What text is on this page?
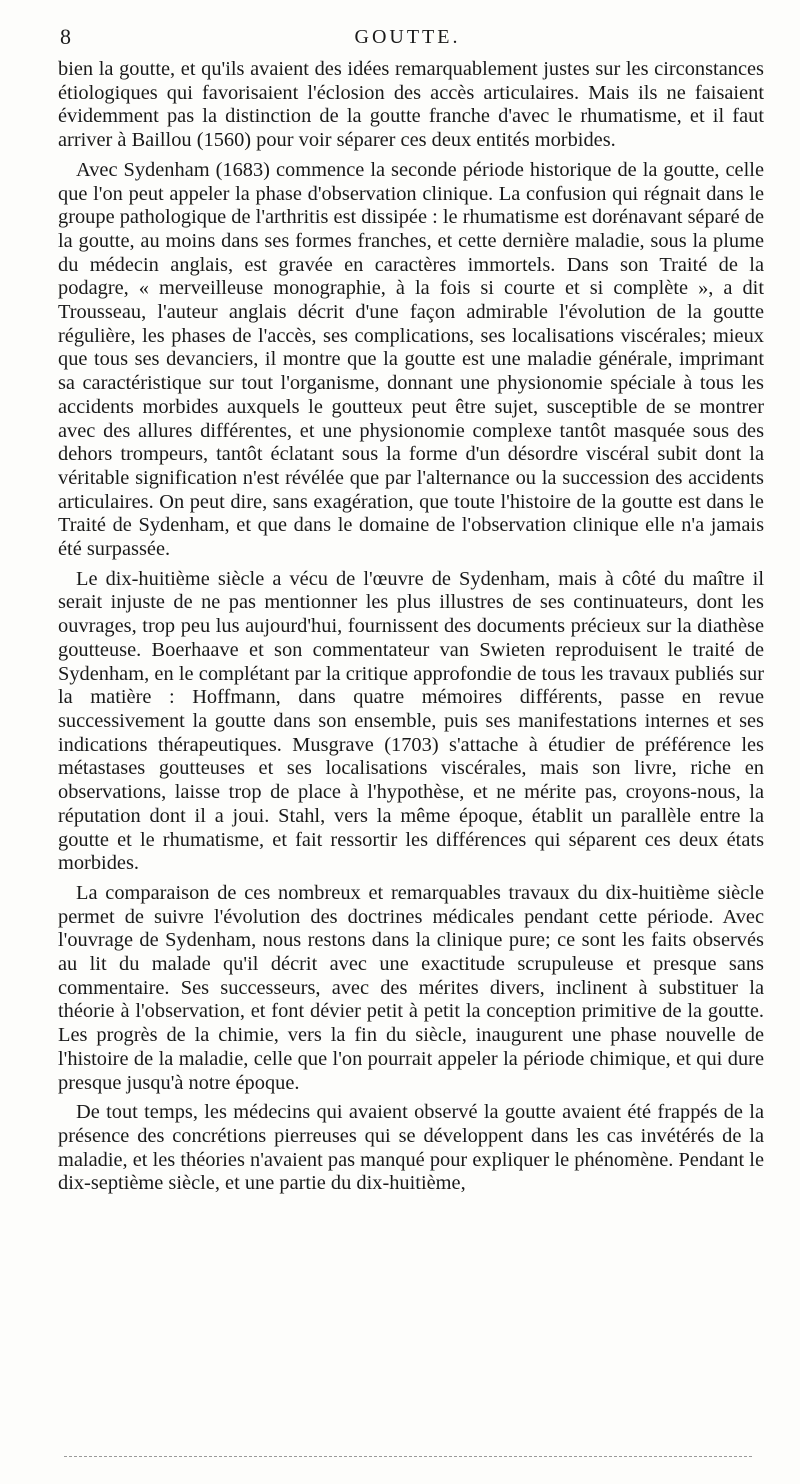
8	GOUTTE.

bien la goutte, et qu'ils avaient des idées remarquablement justes sur les circonstances étiologiques qui favorisaient l'éclosion des accès articulaires. Mais ils ne faisaient évidemment pas la distinction de la goutte franche d'avec le rhumatisme, et il faut arriver à Baillou (1560) pour voir séparer ces deux entités morbides.

Avec Sydenham (1683) commence la seconde période historique de la goutte, celle que l'on peut appeler la phase d'observation clinique. La confusion qui régnait dans le groupe pathologique de l'arthritis est dissipée : le rhumatisme est dorénavant séparé de la goutte, au moins dans ses formes franches, et cette dernière maladie, sous la plume du médecin anglais, est gravée en caractères immortels. Dans son Traité de la podagre, « merveilleuse monographie, à la fois si courte et si complète », a dit Trousseau, l'auteur anglais décrit d'une façon admirable l'évolution de la goutte régulière, les phases de l'accès, ses complications, ses localisations viscérales; mieux que tous ses devanciers, il montre que la goutte est une maladie générale, imprimant sa caractéristique sur tout l'organisme, donnant une physionomie spéciale à tous les accidents morbides auxquels le goutteux peut être sujet, susceptible de se montrer avec des allures différentes, et une physionomie complexe tantôt masquée sous des dehors trompeurs, tantôt éclatant sous la forme d'un désordre viscéral subit dont la véritable signification n'est révélée que par l'alternance ou la succession des accidents articulaires. On peut dire, sans exagération, que toute l'histoire de la goutte est dans le Traité de Sydenham, et que dans le domaine de l'observation clinique elle n'a jamais été surpassée.

Le dix-huitième siècle a vécu de l'œuvre de Sydenham, mais à côté du maître il serait injuste de ne pas mentionner les plus illustres de ses continuateurs, dont les ouvrages, trop peu lus aujourd'hui, fournissent des documents précieux sur la diathèse goutteuse. Boerhaave et son commentateur van Swieten reproduisent le traité de Sydenham, en le complétant par la critique approfondie de tous les travaux publiés sur la matière : Hoffmann, dans quatre mémoires différents, passe en revue successivement la goutte dans son ensemble, puis ses manifestations internes et ses indications thérapeutiques. Musgrave (1703) s'attache à étudier de préférence les métastases goutteuses et ses localisations viscérales, mais son livre, riche en observations, laisse trop de place à l'hypothèse, et ne mérite pas, croyons-nous, la réputation dont il a joui. Stahl, vers la même époque, établit un parallèle entre la goutte et le rhumatisme, et fait ressortir les différences qui séparent ces deux états morbides.

La comparaison de ces nombreux et remarquables travaux du dix-huitième siècle permet de suivre l'évolution des doctrines médicales pendant cette période. Avec l'ouvrage de Sydenham, nous restons dans la clinique pure; ce sont les faits observés au lit du malade qu'il décrit avec une exactitude scrupuleuse et presque sans commentaire. Ses successeurs, avec des mérites divers, inclinent à substituer la théorie à l'observation, et font dévier petit à petit la conception primitive de la goutte. Les progrès de la chimie, vers la fin du siècle, inaugurent une phase nouvelle de l'histoire de la maladie, celle que l'on pourrait appeler la période chimique, et qui dure presque jusqu'à notre époque.

De tout temps, les médecins qui avaient observé la goutte avaient été frappés de la présence des concrétions pierreuses qui se développent dans les cas invétérés de la maladie, et les théories n'avaient pas manqué pour expliquer le phénomène. Pendant le dix-septième siècle, et une partie du dix-huitième,
